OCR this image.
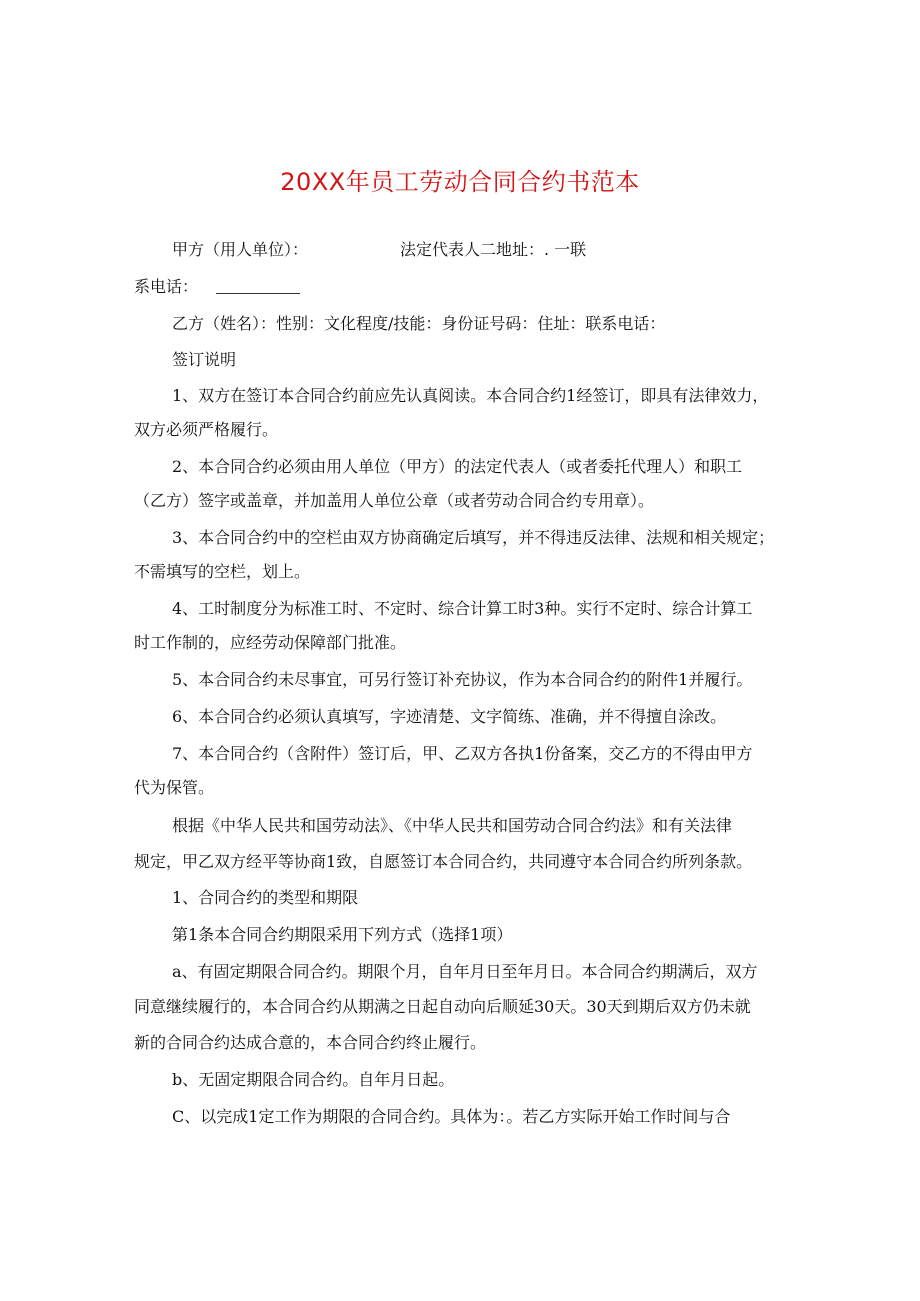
20XX年员工劳动合同合约书范本

甲方（用人单位）：	法定代表人二地址：. 一联

系电话：

乙方（姓名）：性别：文化程度/技能：身份证号码：住址：联系电话：

签订说明

1、双方在签订本合同合约前应先认真阅读。本合同合约1经签订，即具有法律效力，

双方必须严格履行。

2、本合同合约必须由用人单位（甲方）的法定代表人（或者委托代理人）和职工

（乙方）签字或盖章，并加盖用人单位公章（或者劳动合同合约专用章）。

3、本合同合约中的空栏由双方协商确定后填写，并不得违反法律、法规和相关规定；

不需填写的空栏，划上。

4、工时制度分为标准工时、不定时、综合计算工时3种。实行不定时、综合计算工

时工作制的，应经劳动保障部门批准。

5、本合同合约未尽事宜，可另行签订补充协议，作为本合同合约的附件1并履行。

6、本合同合约必须认真填写，字迹清楚、文字简练、准确，并不得擅自涂改。

7、本合同合约（含附件）签订后，甲、乙双方各执1份备案，交乙方的不得由甲方

代为保管。

根据《中华人民共和国劳动法》、《中华人民共和国劳动合同合约法》和有关法律

规定，甲乙双方经平等协商1致，自愿签订本合同合约，共同遵守本合同合约所列条款。

1、合同合约的类型和期限

第1条本合同合约期限采用下列方式（选择1项）

a、有固定期限合同合约。期限个月，自年月日至年月日。本合同合约期满后，双方

同意继续履行的，本合同合约从期满之日起自动向后顺延30天。30天到期后双方仍未就

新的合同合约达成合意的，本合同合约终止履行。

b、无固定期限合同合约。自年月日起。

C、以完成1定工作为期限的合同合约。具体为：。若乙方实际开始工作时间与合
